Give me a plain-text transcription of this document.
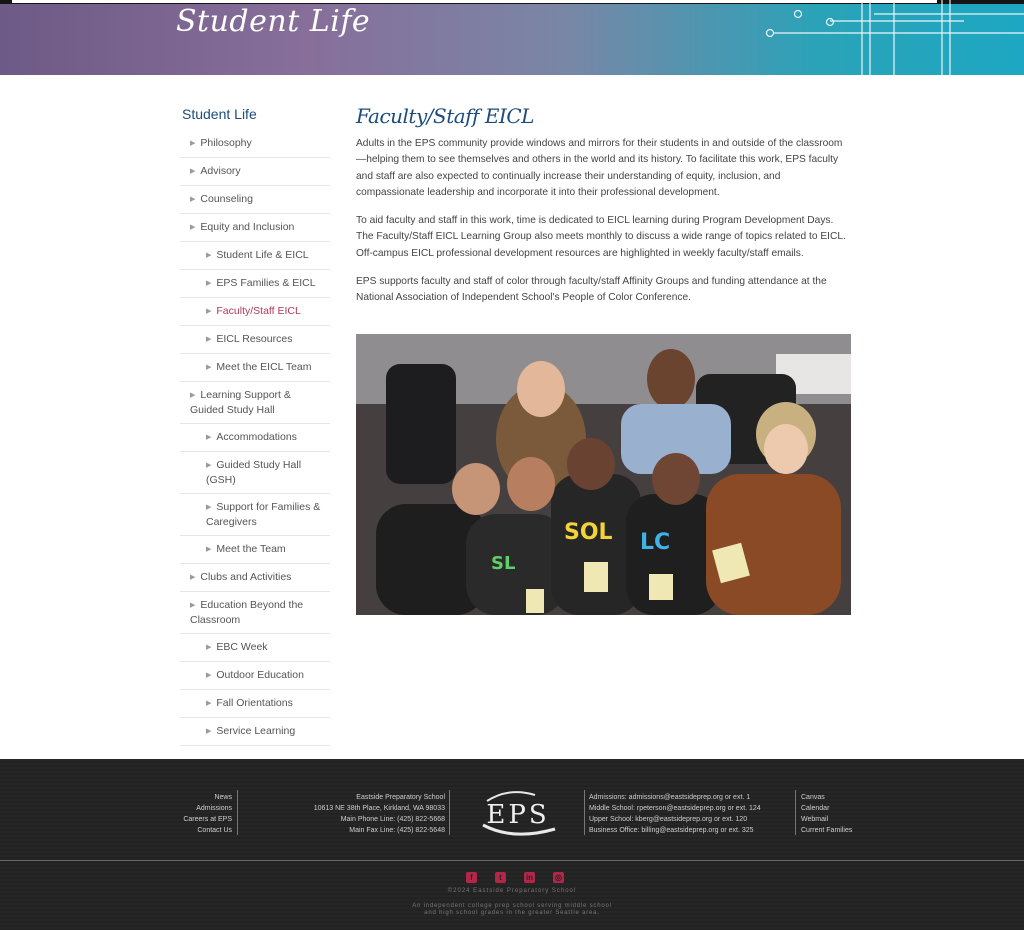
Student Life
Student Life
▶ Philosophy
▶ Advisory
▶ Counseling
▶ Equity and Inclusion
▶ Student Life & EICL
▶ EPS Families & EICL
▶ Faculty/Staff EICL
▶ EICL Resources
▶ Meet the EICL Team
▶ Learning Support & Guided Study Hall
▶ Accommodations
▶ Guided Study Hall (GSH)
▶ Support for Families & Caregivers
▶ Meet the Team
▶ Clubs and Activities
▶ Education Beyond the Classroom
▶ EBC Week
▶ Outdoor Education
▶ Fall Orientations
▶ Service Learning
Faculty/Staff EICL

Adults in the EPS community provide windows and mirrors for their students in and outside of the classroom—helping them to see themselves and others in the world and its history. To facilitate this work, EPS faculty and staff are also expected to continually increase their understanding of equity, inclusion, and compassionate leadership and incorporate it into their professional development.

To aid faculty and staff in this work, time is dedicated to EICL learning during Program Development Days. The Faculty/Staff EICL Learning Group also meets monthly to discuss a wide range of topics related to EICL. Off-campus EICL professional development resources are highlighted in weekly faculty/staff emails.

EPS supports faculty and staff of color through faculty/staff Affinity Groups and funding attendance at the National Association of Independent School's People of Color Conference.

SOL LC
SL
News
Admissions
Careers at EPS
Contact Us
Eastside Preparatory School
10613 NE 38th Place, Kirkland, WA 98033
Main Phone Line: (425) 822-5668
Main Fax Line: (425) 822-5648
EPS
Admissions: admissions@eastsideprep.org or ext. 1
Middle School: rpeterson@eastsideprep.org or ext. 124
Upper School: kberg@eastsideprep.org or ext. 120
Business Office: billing@eastsideprep.org or ext. 325
Canvas
Calendar
Webmail
Current Families
f	t	in	◎
©2024 Eastside Preparatory School
An independent college prep school serving middle school and high school grades in the greater Seattle area.
